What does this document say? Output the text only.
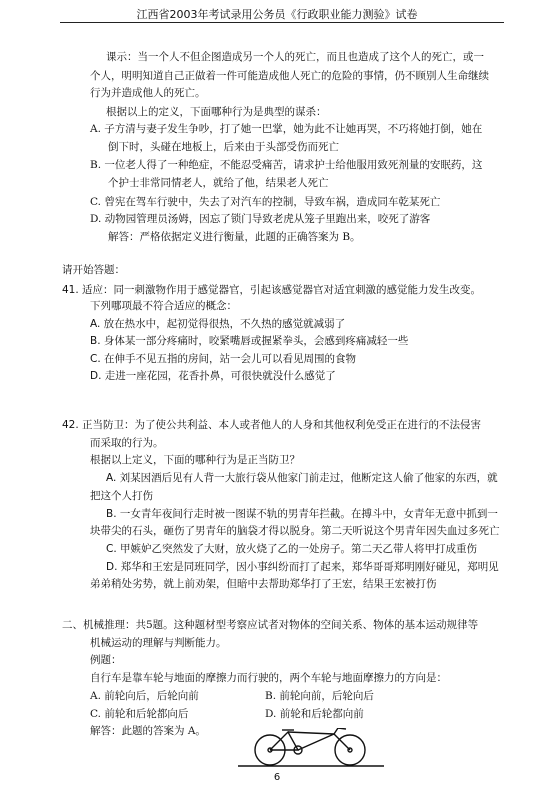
江西省2003年考试录用公务员《行政职业能力测验》试卷
课示：当一个人不但企图造成另一个人的死亡，而且也造成了这个人的死亡，或一
个人，明明知道自己正做着一件可能造成他人死亡的危险的事情，仍不顾别人生命继续
行为并造成他人的死亡。
根据以上的定义，下面哪种行为是典型的谋杀：
A. 子方清与妻子发生争吵，打了她一巴掌，她为此不让她再哭，不巧将她打倒，她在
倒下时，头碰在地板上，后来由于头部受伤而死亡
B. 一位老人得了一种绝症，不能忍受痛苦，请求护士给他服用致死剂量的安眠药，这
个护士非常同情老人，就给了他，结果老人死亡
C. 曾宪在驾车行驶中，失去了对汽车的控制，导致车祸，造成同车乾某死亡
D. 动物园管理员汤姆，因忘了锁门导致老虎从笼子里跑出来，咬死了游客
解答：严格依据定义进行衡量，此题的正确答案为 B。
请开始答题：
41. 适应：同一刺激物作用于感觉器官，引起该感觉器官对适宜刺激的感觉能力发生改变。
下列哪项最不符合适应的概念：
A. 放在热水中，起初觉得很热，不久热的感觉就减弱了
B. 身体某一部分疼痛时，咬紧嘴唇或握紧拳头，会感到疼痛减轻一些
C. 在伸手不见五指的房间，站一会儿可以看见周围的食物
D. 走进一座花园，花香扑鼻，可很快就没什么感觉了
42. 正当防卫：为了使公共利益、本人或者他人的人身和其他权利免受正在进行的不法侵害
而采取的行为。
根据以上定义，下面的哪种行为是正当防卫？
A. 刘某因酒后见有人背一大旅行袋从他家门前走过，他断定这人偷了他家的东西，就
把这个人打伤
B. 一女青年夜间行走时被一图谋不轨的男青年拦截。在搏斗中，女青年无意中抓到一
块带尖的石头，砸伤了男青年的脑袋才得以脱身。第二天听说这个男青年因失血过多死亡
C. 甲嫉妒乙突然发了大财，放火烧了乙的一处房子。第二天乙带人将甲打成重伤
D. 郑华和王宏是同班同学，因小事纠纷而打了起来，郑华哥哥郑明刚好碰见，郑明见
弟弟稍处劣势，就上前劝架，但暗中去帮助郑华打了王宏，结果王宏被打伤
二、机械推理：共5题。这种题材型考察应试者对物体的空间关系、物体的基本运动规律等
机械运动的理解与判断能力。
例题：
自行车是靠车轮与地面的摩擦力而行驶的，两个车轮与地面摩擦力的方向是：
A. 前轮向后，后轮向前	B. 前轮向前，后轮向后
C. 前轮和后轮都向后	D. 前轮和后轮都向前
解答：此题的答案为 A。
6
